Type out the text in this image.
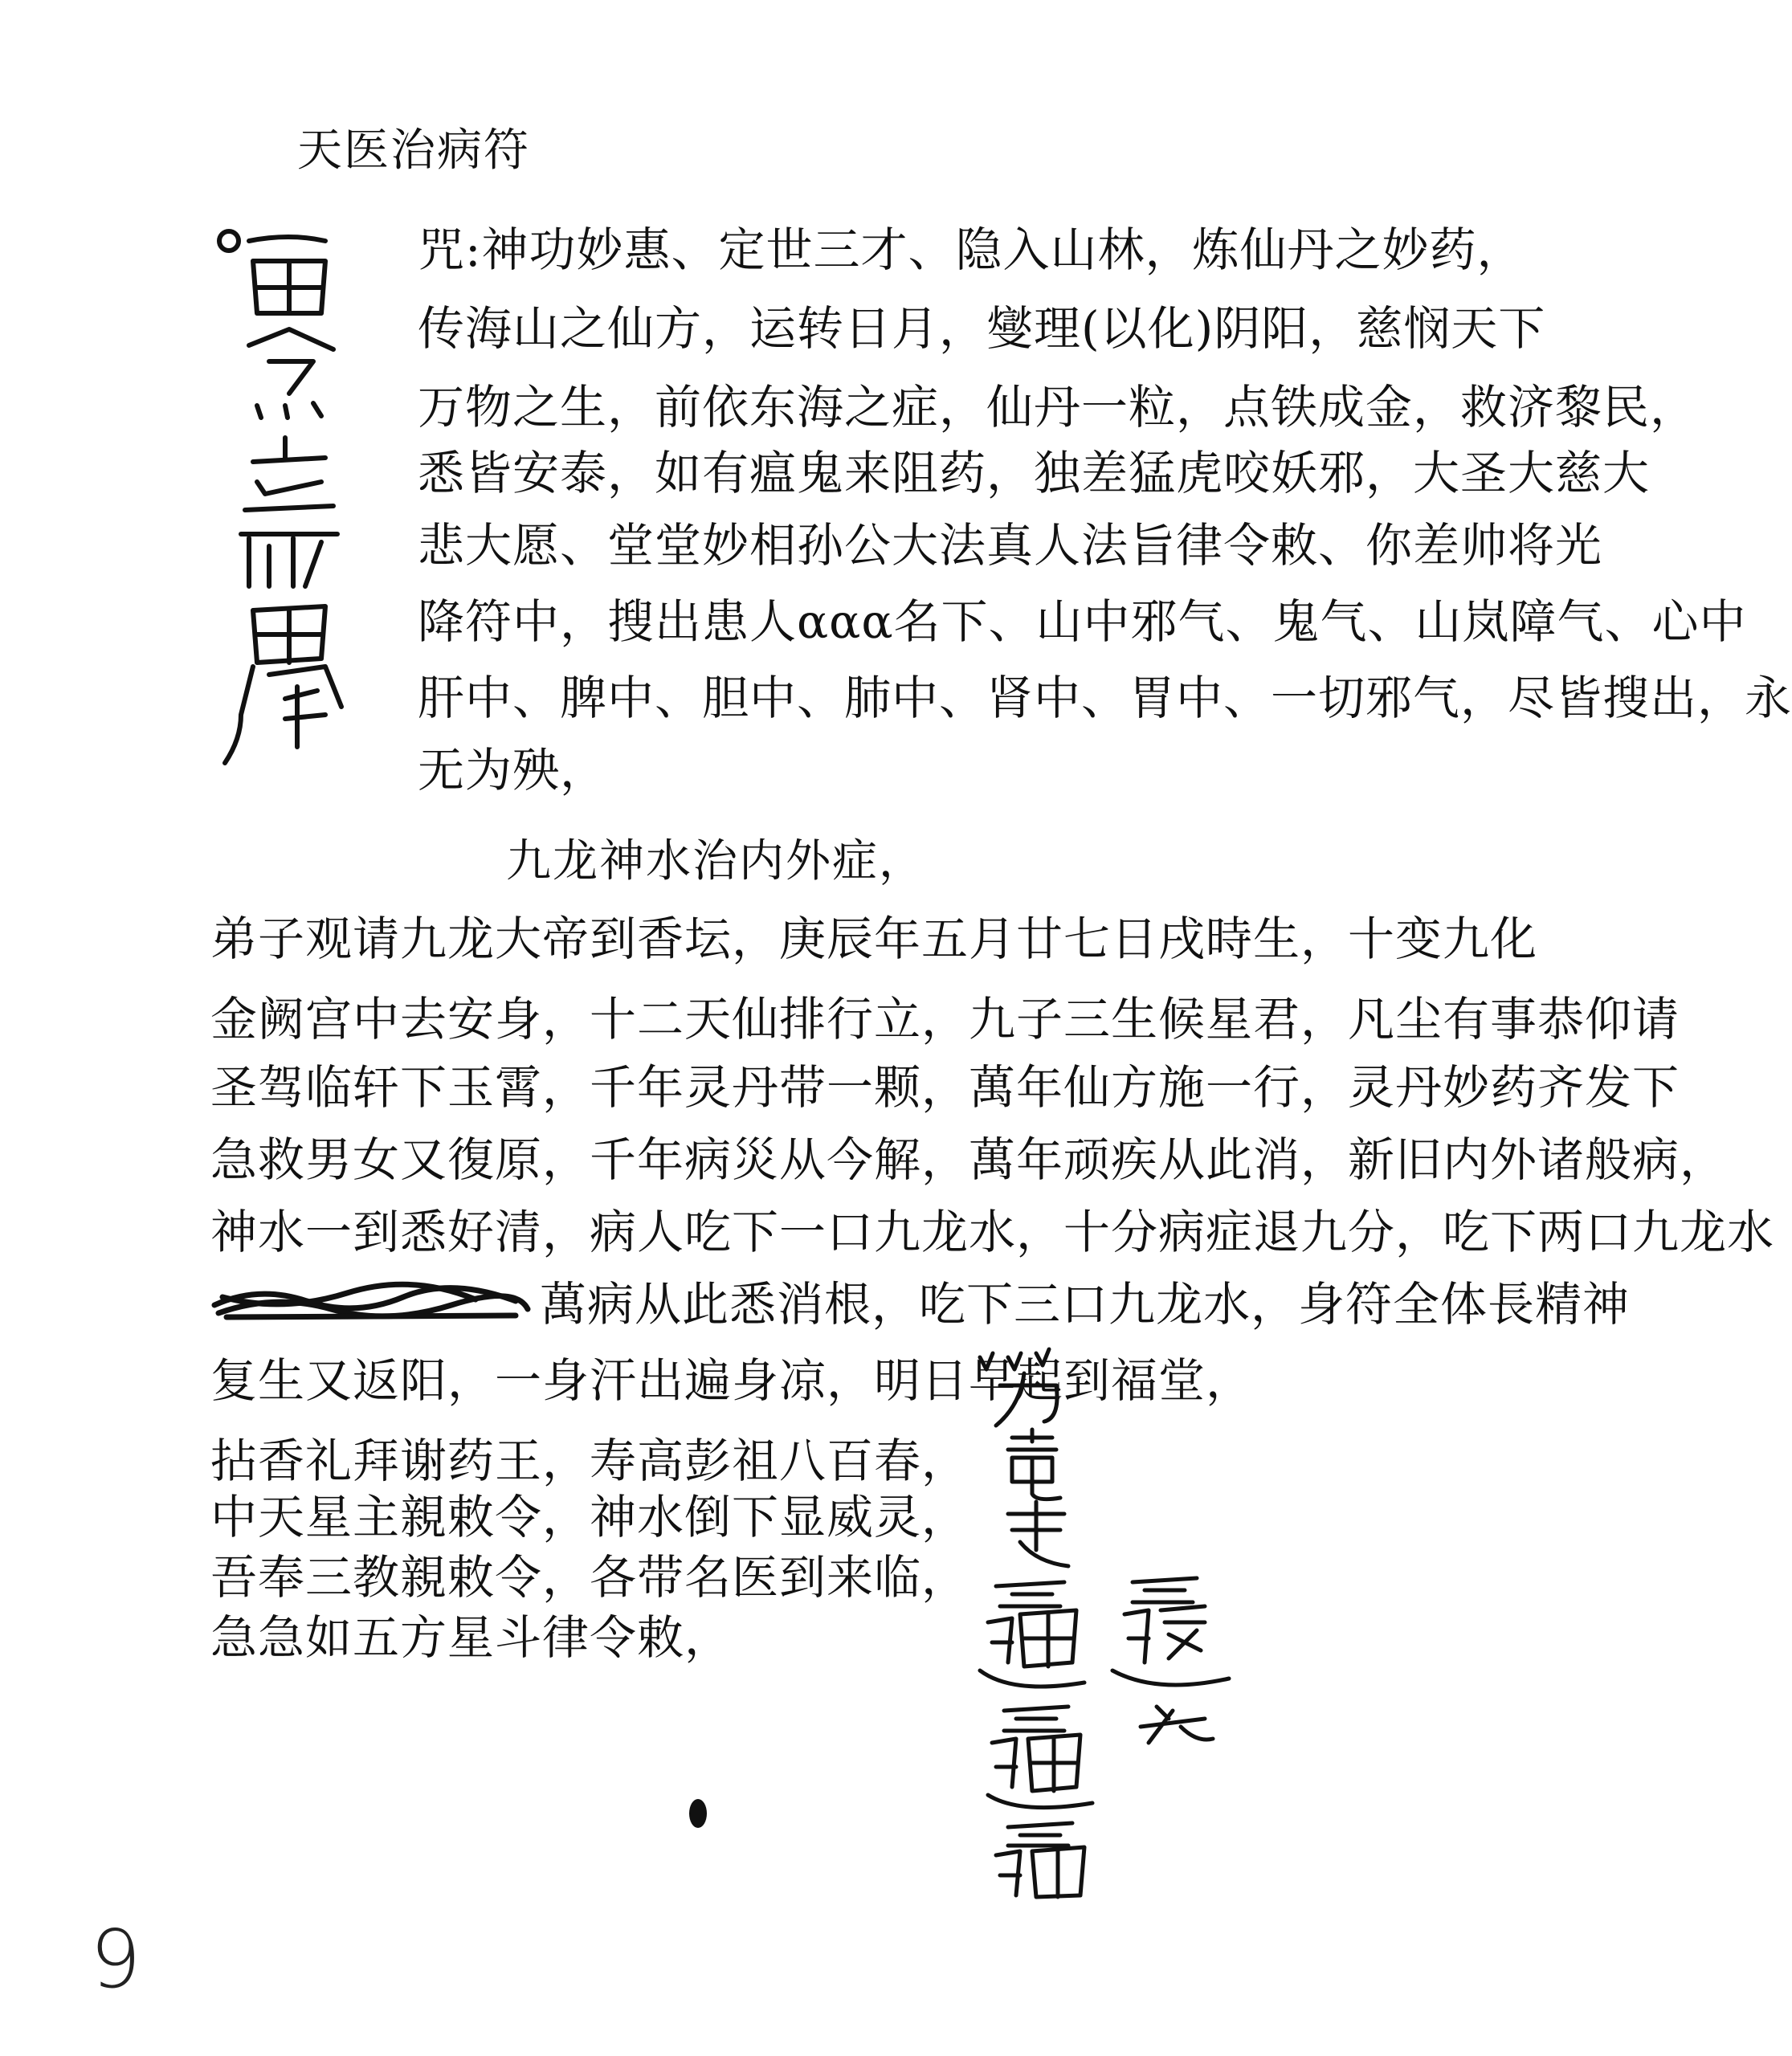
天医治病符
咒:神功妙惠、定世三才、隐入山林，炼仙丹之妙药，
传海山之仙方，运转日月，燮理(以化)阴阳，慈悯天下
万物之生，前依东海之症，仙丹一粒，点铁成金，救济黎民，
悉皆安泰，如有瘟鬼来阻药，独差猛虎咬妖邪，大圣大慈大
悲大愿、堂堂妙相孙公大法真人法旨律令敕、你差帅将光
降符中，搜出患人ααα名下、山中邪气、鬼气、山岚障气、心中
肝中、脾中、胆中、肺中、肾中、胃中、一切邪气，尽皆搜出，永
无为殃，
九龙神水治内外症，
弟子观请九龙大帝到香坛，庚辰年五月廿七日戌時生，十变九化
金阙宫中去安身，十二天仙排行立，九子三生候星君，凡尘有事恭仰请
圣驾临轩下玉霄，千年灵丹带一颗，萬年仙方施一行，灵丹妙药齐发下
急救男女又復原，千年病災从今解，萬年顽疾从此消，新旧内外诸般病，
神水一到悉好清，病人吃下一口九龙水，十分病症退九分，吃下两口九龙水
萬病从此悉消根，吃下三口九龙水，身符全体長精神
复生又返阳，一身汗出遍身凉，明日早起到福堂，
拈香礼拜谢药王，寿高彭祖八百春，
中天星主親敕令，神水倒下显威灵，
吾奉三教親敕令，各带名医到来临，
急急如五方星斗律令敕，
9
